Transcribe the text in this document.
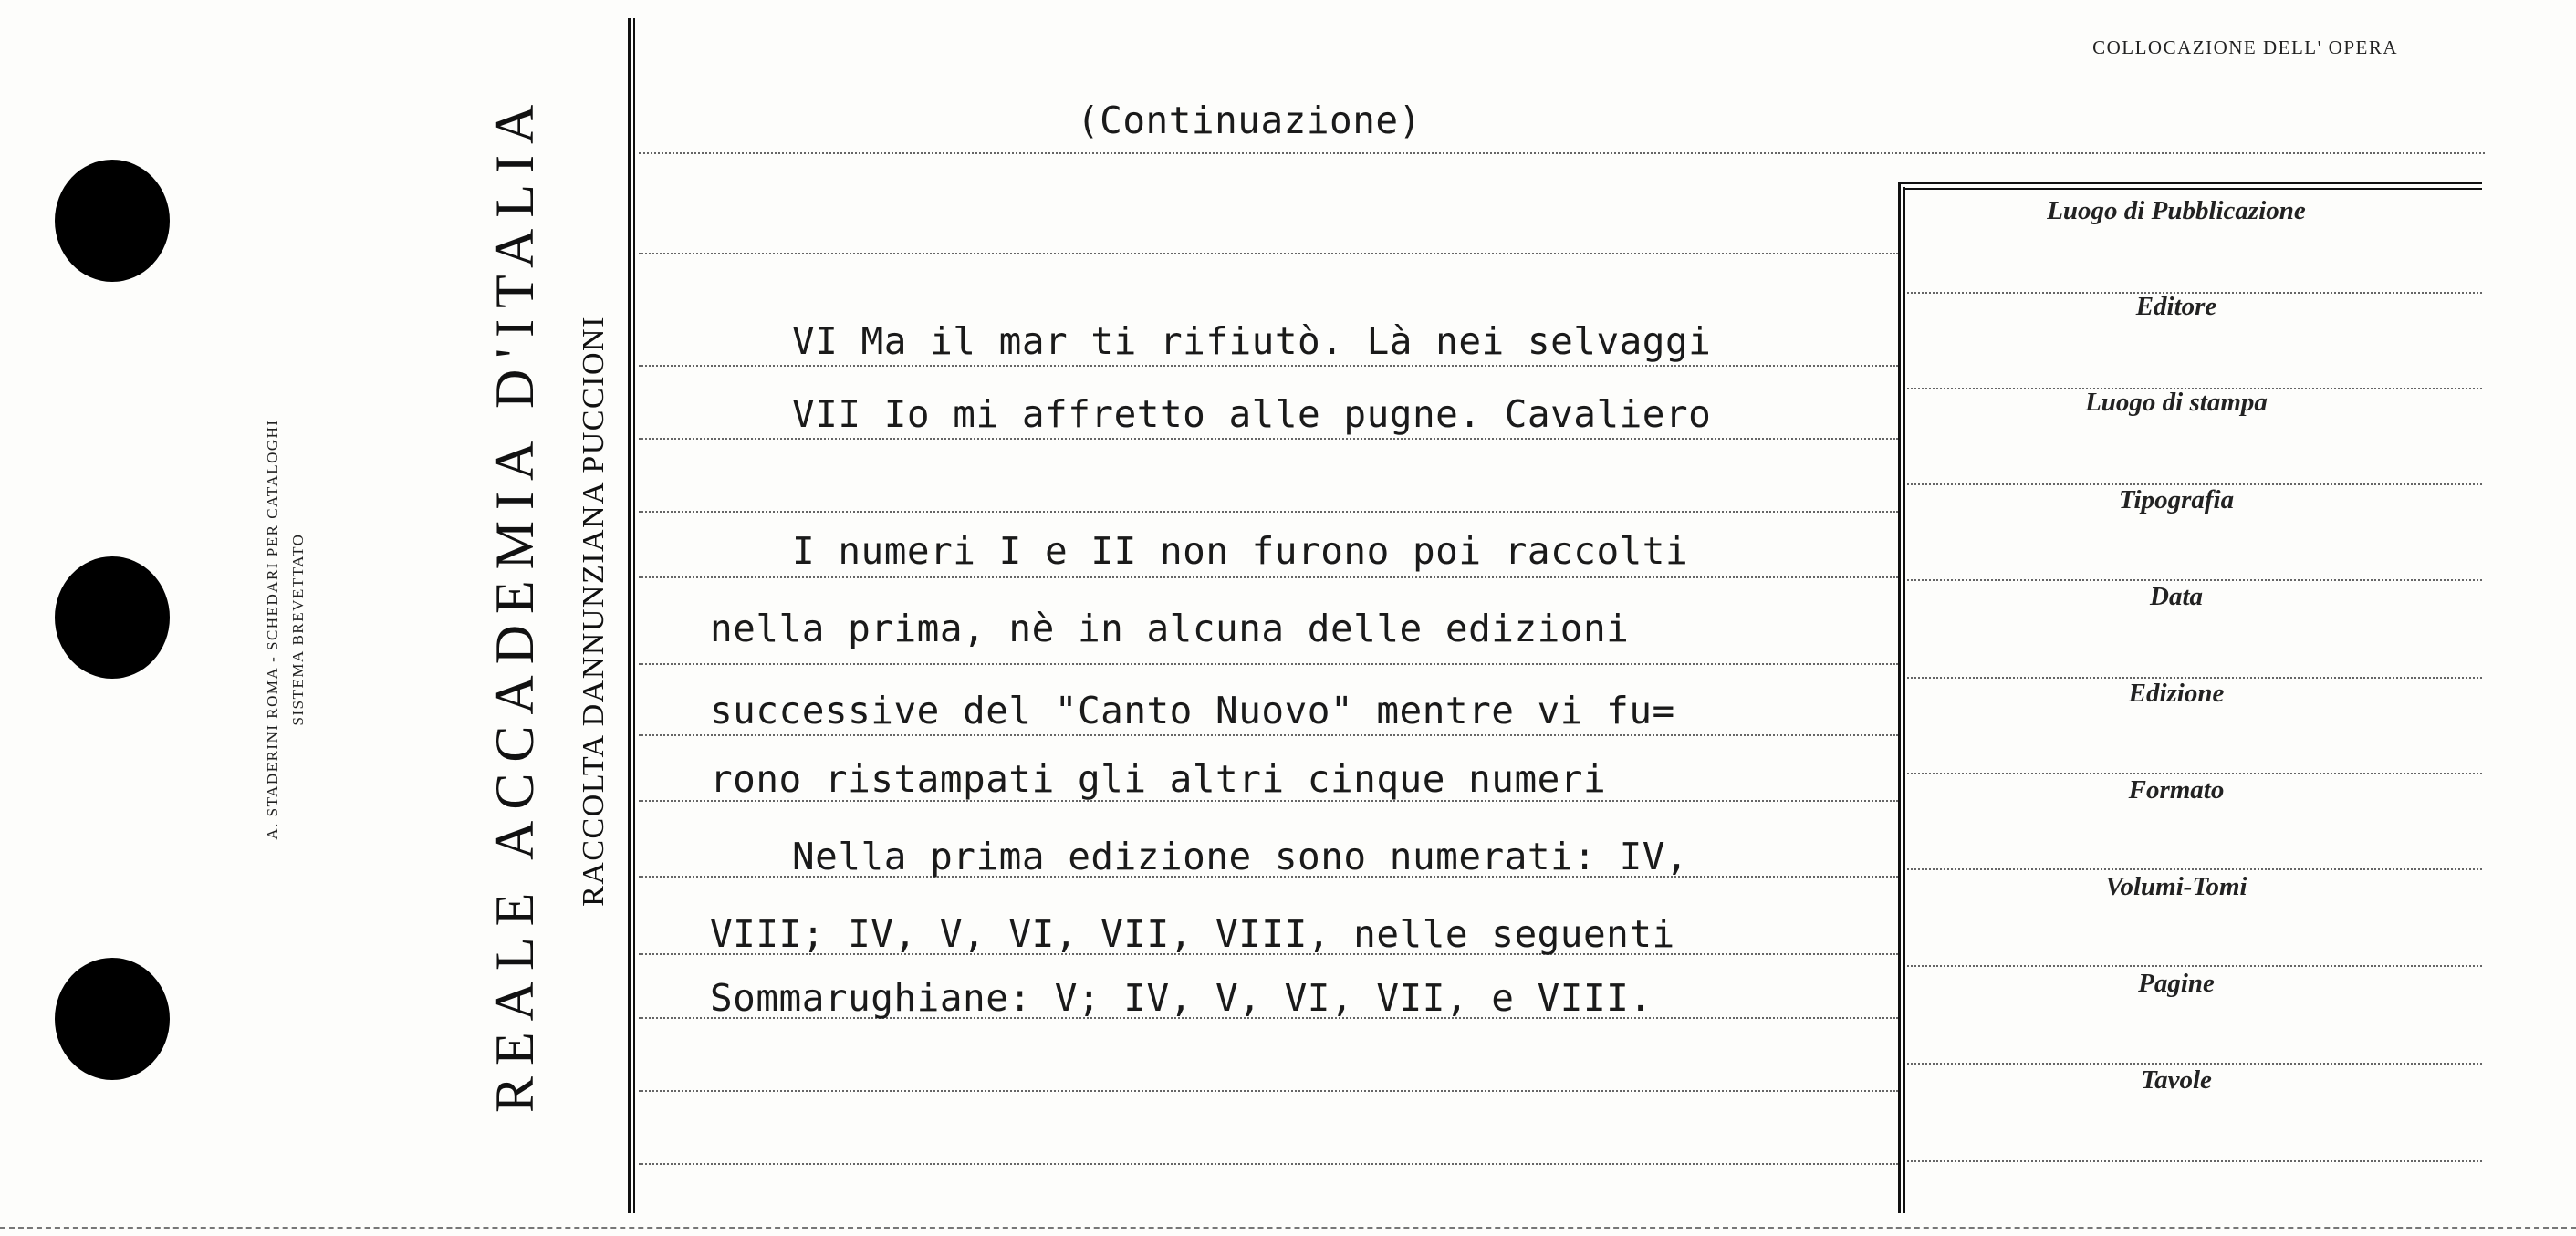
A. STADERINI ROMA - SCHEDARI PER CATALOGHI SISTEMA BREVETTATO	REALE ACCADEMIA D'ITALIA RACCOLTA DANNUNZIANA PUCCIONI
COLLOCAZIONE DELL' OPERA
(Continuazione)
VI Ma il mar ti rifiutò. Là nei selvaggi
VII Io mi affretto alle pugne. Cavaliero
I numeri I e II non furono poi raccolti
nella prima, nè in alcuna delle edizioni
successive del "Canto Nuovo" mentre vi fu=
rono ristampati gli altri cinque numeri
Nella prima edizione sono numerati: IV,
VIII; IV, V, VI, VII, VIII, nelle seguenti
Sommarughiane: V; IV, V, VI, VII, e VIII.
Luogo di Pubblicazione
Editore
Luogo di stampa
Tipografia
Data
Edizione
Formato
Volumi-Tomi
Pagine
Tavole
